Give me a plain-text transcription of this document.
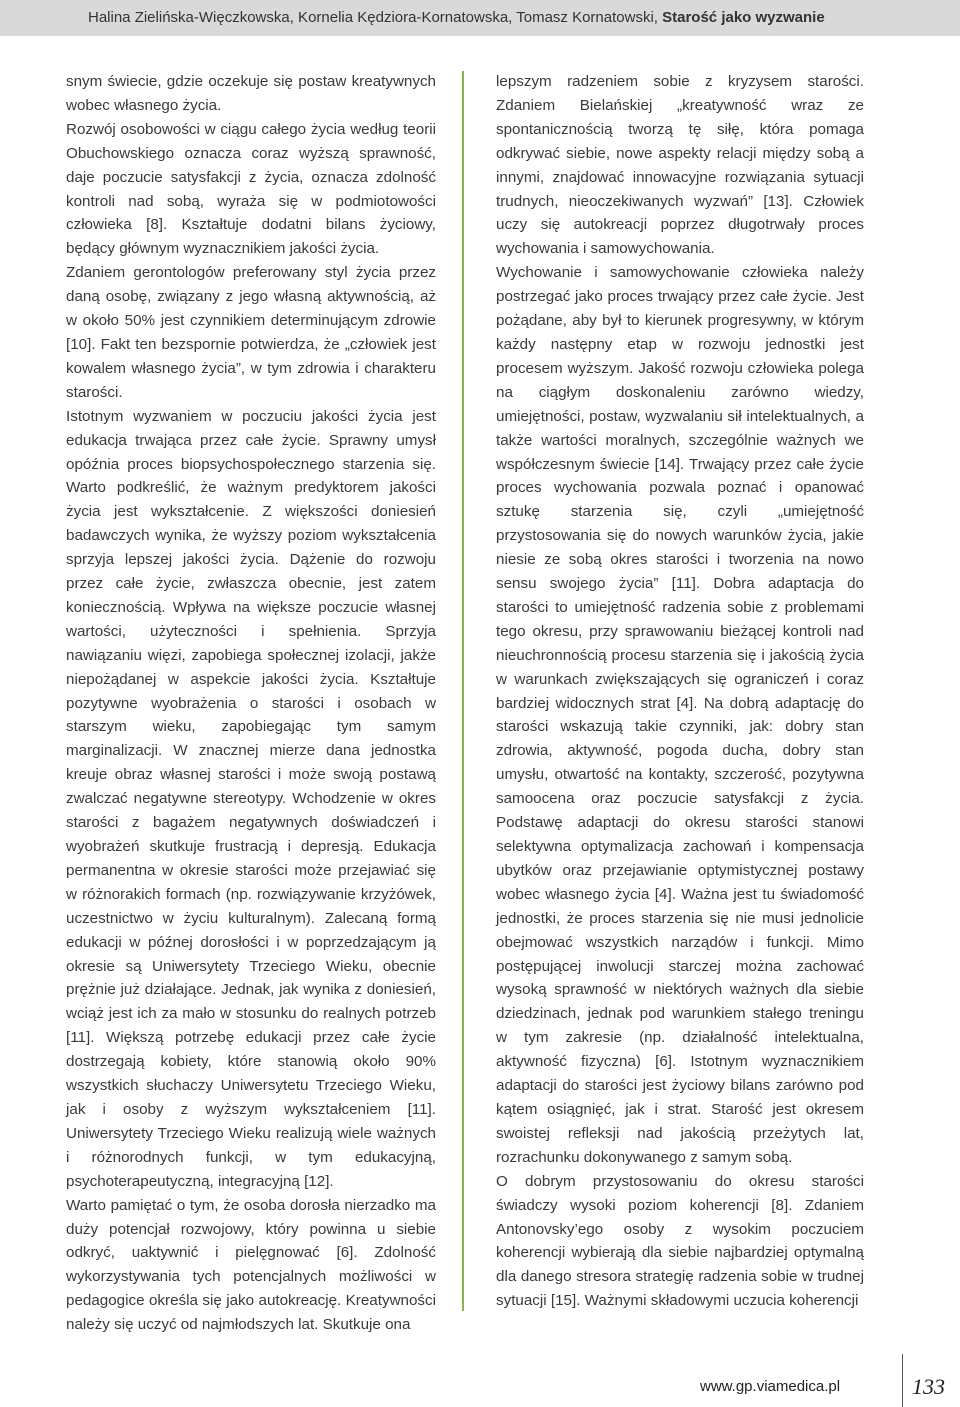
Halina Zielińska-Więczkowska, Kornelia Kędziora-Kornatowska, Tomasz Kornatowski, Starość jako wyzwanie

snym świecie, gdzie oczekuje się postaw kreatywnych wobec własnego życia.

Rozwój osobowości w ciągu całego życia według teorii Obuchowskiego oznacza coraz wyższą sprawność, daje poczucie satysfakcji z życia, oznacza zdolność kontroli nad sobą, wyraża się w podmiotowości człowieka [8]. Kształtuje dodatni bilans życiowy, będący głównym wyznacznikiem jakości życia.

Zdaniem gerontologów preferowany styl życia przez daną osobę, związany z jego własną aktywnością, aż w około 50% jest czynnikiem determinującym zdrowie [10]. Fakt ten bezspornie potwierdza, że „człowiek jest kowalem własnego życia”, w tym zdrowia i charakteru starości.

Istotnym wyzwaniem w poczuciu jakości życia jest edukacja trwająca przez całe życie. Sprawny umysł opóźnia proces biopsychospołecznego starzenia się. Warto podkreślić, że ważnym predyktorem jakości życia jest wykształcenie. Z większości doniesień badawczych wynika, że wyższy poziom wykształcenia sprzyja lepszej jakości życia. Dążenie do rozwoju przez całe życie, zwłaszcza obecnie, jest zatem koniecznością. Wpływa na większe poczucie własnej wartości, użyteczności i spełnienia. Sprzyja nawiązaniu więzi, zapobiega społecznej izolacji, jakże niepożądanej w aspekcie jakości życia. Kształtuje pozytywne wyobrażenia o starości i osobach w starszym wieku, zapobiegając tym samym marginalizacji. W znacznej mierze dana jednostka kreuje obraz własnej starości i może swoją postawą zwalczać negatywne stereotypy. Wchodzenie w okres starości z bagażem negatywnych doświadczeń i wyobrażeń skutkuje frustracją i depresją. Edukacja permanentna w okresie starości może przejawiać się w różnorakich formach (np. rozwiązywanie krzyżówek, uczestnictwo w życiu kulturalnym). Zalecaną formą edukacji w późnej dorosłości i w poprzedzającym ją okresie są Uniwersytety Trzeciego Wieku, obecnie prężnie już działające. Jednak, jak wynika z doniesień, wciąż jest ich za mało w stosunku do realnych potrzeb [11]. Większą potrzebę edukacji przez całe życie dostrzegają kobiety, które stanowią około 90% wszystkich słuchaczy Uniwersytetu Trzeciego Wieku, jak i osoby z wyższym wykształceniem [11]. Uniwersytety Trzeciego Wieku realizują wiele ważnych i różnorodnych funkcji, w tym edukacyjną, psychoterapeutyczną, integracyjną [12].

Warto pamiętać o tym, że osoba dorosła nierzadko ma duży potencjał rozwojowy, który powinna u siebie odkryć, uaktywnić i pielęgnować [6]. Zdolność wykorzystywania tych potencjalnych możliwości w pedagogice określa się jako autokreację. Kreatywności należy się uczyć od najmłodszych lat. Skutkuje ona

lepszym radzeniem sobie z kryzysem starości. Zdaniem Bielańskiej „kreatywność wraz ze spontanicznością tworzą tę siłę, która pomaga odkrywać siebie, nowe aspekty relacji między sobą a innymi, znajdować innowacyjne rozwiązania sytuacji trudnych, nieoczekiwanych wyzwań” [13]. Człowiek uczy się autokreacji poprzez długotrwały proces wychowania i samowychowania.

Wychowanie i samowychowanie człowieka należy postrzegać jako proces trwający przez całe życie. Jest pożądane, aby był to kierunek progresywny, w którym każdy następny etap w rozwoju jednostki jest procesem wyższym. Jakość rozwoju człowieka polega na ciągłym doskonaleniu zarówno wiedzy, umiejętności, postaw, wyzwalaniu sił intelektualnych, a także wartości moralnych, szczególnie ważnych we współczesnym świecie [14]. Trwający przez całe życie proces wychowania pozwala poznać i opanować sztukę starzenia się, czyli „umiejętność przystosowania się do nowych warunków życia, jakie niesie ze sobą okres starości i tworzenia na nowo sensu swojego życia” [11]. Dobra adaptacja do starości to umiejętność radzenia sobie z problemami tego okresu, przy sprawowaniu bieżącej kontroli nad nieuchronnością procesu starzenia się i jakością życia w warunkach zwiększających się ograniczeń i coraz bardziej widocznych strat [4]. Na dobrą adaptację do starości wskazują takie czynniki, jak: dobry stan zdrowia, aktywność, pogoda ducha, dobry stan umysłu, otwartość na kontakty, szczerość, pozytywna samoocena oraz poczucie satysfakcji z życia. Podstawę adaptacji do okresu starości stanowi selektywna optymalizacja zachowań i kompensacja ubytków oraz przejawianie optymistycznej postawy wobec własnego życia [4]. Ważna jest tu świadomość jednostki, że proces starzenia się nie musi jednolicie obejmować wszystkich narządów i funkcji. Mimo postępującej inwolucji starczej można zachować wysoką sprawność w niektórych ważnych dla siebie dziedzinach, jednak pod warunkiem stałego treningu w tym zakresie (np. działalność intelektualna, aktywność fizyczna) [6]. Istotnym wyznacznikiem adaptacji do starości jest życiowy bilans zarówno pod kątem osiągnięć, jak i strat. Starość jest okresem swoistej refleksji nad jakością przeżytych lat, rozrachunku dokonywanego z samym sobą.

O dobrym przystosowaniu do okresu starości świadczy wysoki poziom koherencji [8]. Zdaniem Antonovsky’ego osoby z wysokim poczuciem koherencji wybierają dla siebie najbardziej optymalną dla danego stresora strategię radzenia sobie w trudnej sytuacji [15]. Ważnymi składowymi uczucia koherencji

www.gp.viamedica.pl	133
